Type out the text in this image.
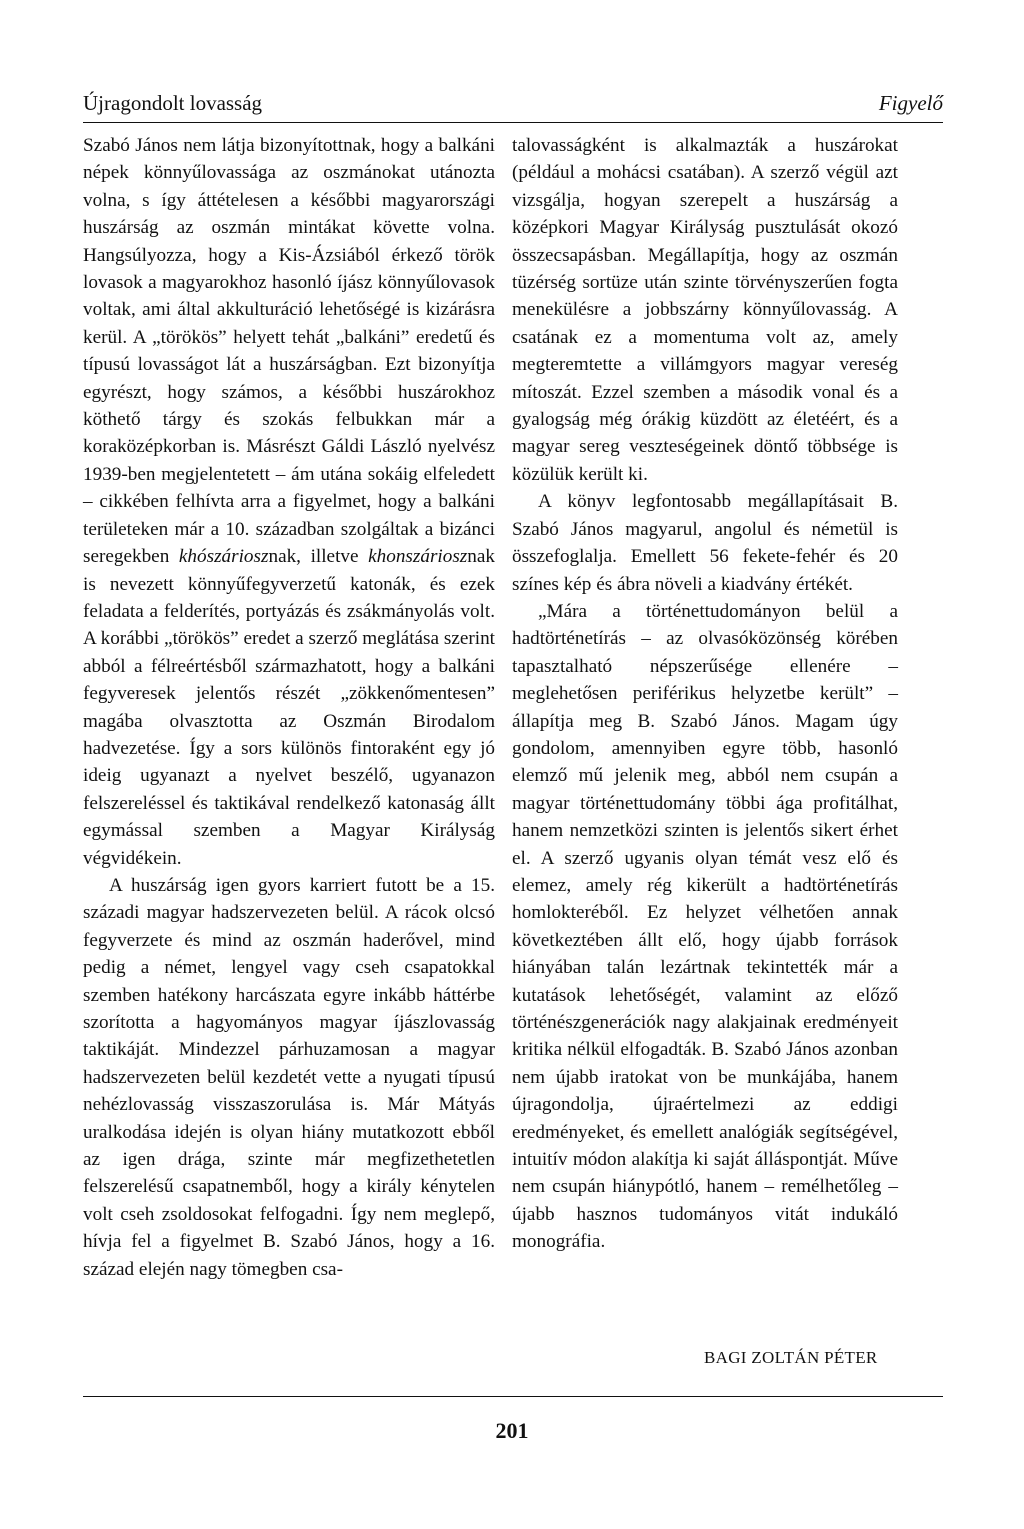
Újragondolt lovasság	Figyelő

Szabó János nem látja bizonyítottnak, hogy a balkáni népek könnyűlovassága az oszmánokat utánozta volna, s így áttételesen a későbbi magyarországi huszárság az oszmán mintákat követte volna. Hangsúlyozza, hogy a Kis-Ázsiából érkező török lovasok a magyarokhoz hasonló íjász könnyűlovasok voltak, ami által akkulturáció lehetőségé is kizárásra kerül. A „törökös” helyett tehát „balkáni” eredetű és típusú lovasságot lát a huszárságban. Ezt bizonyítja egyrészt, hogy számos, a későbbi huszárokhoz köthető tárgy és szokás felbukkan már a koraközépkorban is. Másrészt Gáldi László nyelvész 1939-ben megjelentetett – ám utána sokáig elfeledett – cikkében felhívta arra a figyelmet, hogy a balkáni területeken már a 10. században szolgáltak a bizánci seregekben khószáriosznak, illetve khonszáriosznak is nevezett könnyűfegyverzetű katonák, és ezek feladata a felderítés, portyázás és zsákmányolás volt. A korábbi „törökös” eredet a szerző meglátása szerint abból a félreértésből származhatott, hogy a balkáni fegyveresek jelentős részét „zökkenőmentesen” magába olvasztotta az Oszmán Birodalom hadvezetése. Így a sors különös fintoraként egy jó ideig ugyanazt a nyelvet beszélő, ugyanazon felszereléssel és taktikával rendelkező katonaság állt egymással szemben a Magyar Királyság végvidékein.

A huszárság igen gyors karriert futott be a 15. századi magyar hadszervezeten belül. A rácok olcsó fegyverzete és mind az oszmán haderővel, mind pedig a német, lengyel vagy cseh csapatokkal szemben hatékony harcászata egyre inkább háttérbe szorította a hagyományos magyar íjászlovasság taktikáját. Mindezzel párhuzamosan a magyar hadszervezeten belül kezdetét vette a nyugati típusú nehézlovasság visszaszorulása is. Már Mátyás uralkodása idején is olyan hiány mutatkozott ebből az igen drága, szinte már megfizethetetlen felszerelésű csapatnemből, hogy a király kénytelen volt cseh zsoldosokat felfogadni. Így nem meglepő, hívja fel a figyelmet B. Szabó János, hogy a 16. század elején nagy tömegben csa-

talovasságként is alkalmazták a huszárokat (például a mohácsi csatában). A szerző végül azt vizsgálja, hogyan szerepelt a huszárság a középkori Magyar Királyság pusztulását okozó összecsapásban. Megállapítja, hogy az oszmán tüzérség sortüze után szinte törvényszerűen fogta menekülésre a jobbszárny könnyűlovasság. A csatának ez a momentuma volt az, amely megteremtette a villámgyors magyar vereség mítoszát. Ezzel szemben a második vonal és a gyalogság még órákig küzdött az életéért, és a magyar sereg veszteségeinek döntő többsége is közülük került ki.

A könyv legfontosabb megállapításait B. Szabó János magyarul, angolul és németül is összefoglalja. Emellett 56 fekete-fehér és 20 színes kép és ábra növeli a kiadvány értékét.

„Mára a történettudományon belül a hadtörténetírás – az olvasóközönség körében tapasztalható népszerűsége ellenére – meglehetősen periférikus helyzetbe került” – állapítja meg B. Szabó János. Magam úgy gondolom, amennyiben egyre több, hasonló elemző mű jelenik meg, abból nem csupán a magyar történettudomány többi ága profitálhat, hanem nemzetközi szinten is jelentős sikert érhet el. A szerző ugyanis olyan témát vesz elő és elemez, amely rég kikerült a hadtörténetírás homlokteréből. Ez helyzet vélhetően annak következtében állt elő, hogy újabb források hiányában talán lezártnak tekintették már a kutatások lehetőségét, valamint az előző történészgenerációk nagy alakjainak eredményeit kritika nélkül elfogadták. B. Szabó János azonban nem újabb iratokat von be munkájába, hanem újragondolja, újraértelmezi az eddigi eredményeket, és emellett analógiák segítségével, intuitív módon alakítja ki saját álláspontját. Műve nem csupán hiánypótló, hanem – remélhetőleg – újabb hasznos tudományos vitát indukáló monográfia.

BAGI ZOLTÁN PÉTER
201
